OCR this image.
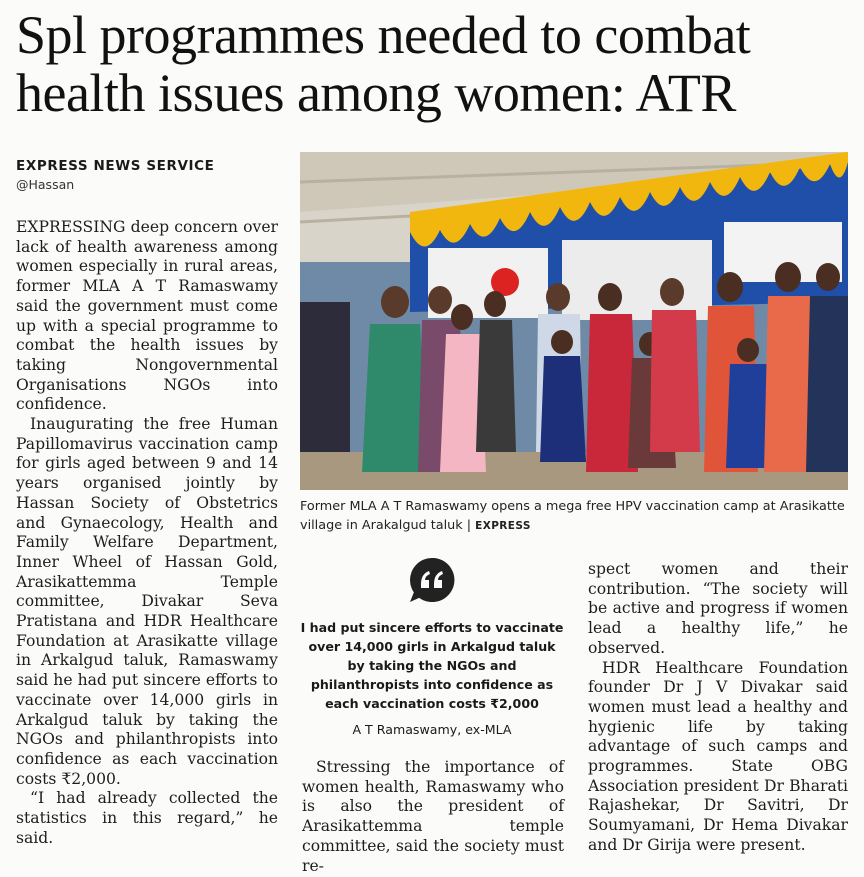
Spl programmes needed to combat
health issues among women: ATR
EXPRESS NEWS SERVICE
@Hassan

EXPRESSING deep concern over lack of health awareness among women especially in rural areas, former MLA A T Ramaswamy said the government must come up with a special programme to combat the health issues by taking Nongovernmental Organisations NGOs into confidence.

Inaugurating the free Human Papillomavirus vaccination camp for girls aged between 9 and 14 years organised jointly by Hassan Society of Obstetrics and Gynaecology, Health and Family Welfare Department, Inner Wheel of Hassan Gold, Arasikattemma Temple committee, Divakar Seva Pratistana and HDR Healthcare Foundation at Arasikatte village in Arkalgud taluk, Ramaswamy said he had put sincere efforts to vaccinate over 14,000 girls in Arkalgud taluk by taking the NGOs and philanthropists into confidence as each vaccination costs ₹2,000.

“I had already collected the statistics in this regard,” he said.

Former MLA A T Ramaswamy opens a mega free HPV vaccination camp at Arasikatte village in Arakalgud taluk | EXPRESS
I had put sincere efforts to vaccinate over 14,000 girls in Arkalgud taluk by taking the NGOs and philanthropists into confidence as each vaccination costs ₹2,000
A T Ramaswamy, ex-MLA

Stressing the importance of women health, Ramaswamy who is also the president of Arasikattemma temple committee, said the society must re-

spect women and their contribution. “The society will be active and progress if women lead a healthy life,” he observed.

HDR Healthcare Foundation founder Dr J V Divakar said women must lead a healthy and hygienic life by taking advantage of such camps and programmes. State OBG Association president Dr Bharati Rajashekar, Dr Savitri, Dr Soumyamani, Dr Hema Divakar and Dr Girija were present.
